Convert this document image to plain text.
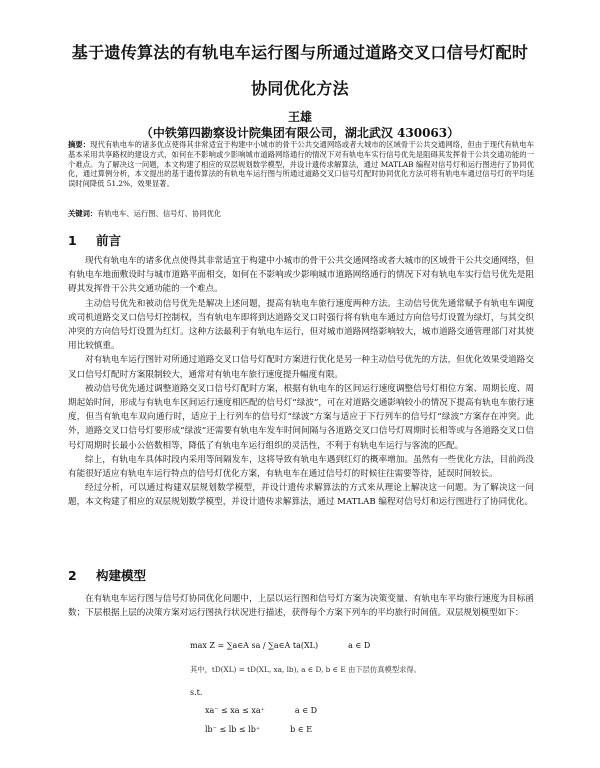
基于遗传算法的有轨电车运行图与所通过道路交叉口信号灯配时
协同优化方法
王雄
（中铁第四勘察设计院集团有限公司，湖北武汉 430063）
摘要：现代有轨电车的诸多优点使得其非常适宜于构建中小城市的骨干公共交通网络或者大城市的区域骨干公共交通网络，但由于现代有轨电车基本采用共享路权的建设方式，如何在不影响或少影响城市道路网络通行的情况下对有轨电车实行信号优先是阻碍其发挥骨干公共交通功能的一个难点。为了解决这一问题，本文构建了相应的双层规划数学模型，并设计遗传求解算法，通过 MATLAB 编程对信号灯和运行图进行了协同优化，通过算例分析，本文提出的基于遗传算法的有轨电车运行图与所通过道路交叉口信号灯配时协同优化方法可将有轨电车通过信号灯的平均延误时间降低 51.2%，效果显著。
关键词：有轨电车、运行图、信号灯、协同优化
1 前言

现代有轨电车的诸多优点使得其非常适宜于构建中小城市的骨干公共交通网络或者大城市的区域骨干公共交通网络，但有轨电车地面敷设时与城市道路平面相交，如何在不影响或少影响城市道路网络通行的情况下对有轨电车实行信号优先是阻碍其发挥骨干公共交通功能的一个难点。

主动信号优先和被动信号优先是解决上述问题，提高有轨电车旅行速度两种方法。主动信号优先通常赋予有轨电车调度或司机道路交叉口信号灯控制权，当有轨电车即将到达道路交叉口时强行将有轨电车通过方向信号灯设置为绿灯，与其交织冲突的方向信号灯设置为红灯。这种方法最利于有轨电车运行，但对城市道路网络影响较大，城市道路交通管理部门对其使用比较慎重。

对有轨电车运行图针对所通过道路交叉口信号灯配时方案进行优化是另一种主动信号优先的方法，但优化效果受道路交叉口信号灯配时方案限制较大，通常对有轨电车旅行速度提升幅度有限。

被动信号优先通过调整道路交叉口信号灯配时方案，根据有轨电车的区间运行速度调整信号灯相位方案、周期长度、周期起始时间，形成与有轨电车区间运行速度相匹配的信号灯“绿波”，可在对道路交通影响较小的情况下提高有轨电车旅行速度，但当有轨电车双向通行时，适应于上行列车的信号灯“绿波”方案与适应于下行列车的信号灯“绿波”方案存在冲突。此外，道路交叉口信号灯要形成“绿波”还需要有轨电车发车时间间隔与各道路交叉口信号灯周期时长相等或与各道路交叉口信号灯周期时长最小公倍数相等，降低了有轨电车运行组织的灵活性，不利于有轨电车运行与客流的匹配。

综上，有轨电车具体时段内采用等间隔发车，这将导致有轨电车遇到红灯的概率增加。虽然有一些优化方法，目前尚没有能很好适应有轨电车运行特点的信号灯优化方案，有轨电车在通过信号灯的时候往往需要等待，延误时间较长。

经过分析，可以通过构建双层规划数学模型，并设计遗传求解算法的方式来从理论上解决这一问题。为了解决这一问题，本文构建了相应的双层规划数学模型，并设计遗传求解算法，通过 MATLAB 编程对信号灯和运行图进行了协同优化。

2 构建模型

在有轨电车运行图与信号灯协同优化问题中，上层以运行图和信号灯方案为决策变量、有轨电车平均旅行速度为目标函数；下层根据上层的决策方案对运行图执行状况进行描述，获得每个方案下列车的平均旅行时间值。双层规划模型如下：

max Z = ∑a∈A sa / ∑a∈A ta(XL)	a ∈ D
其中，tD(XL) = tD(XL, xa, lb), a ∈ D, b ∈ E 由下层仿真模型求得。
s.t.
xa⁻ ≤ xa ≤ xa⁺	a ∈ D
lb⁻ ≤ lb ≤ lb⁺	b ∈ E
